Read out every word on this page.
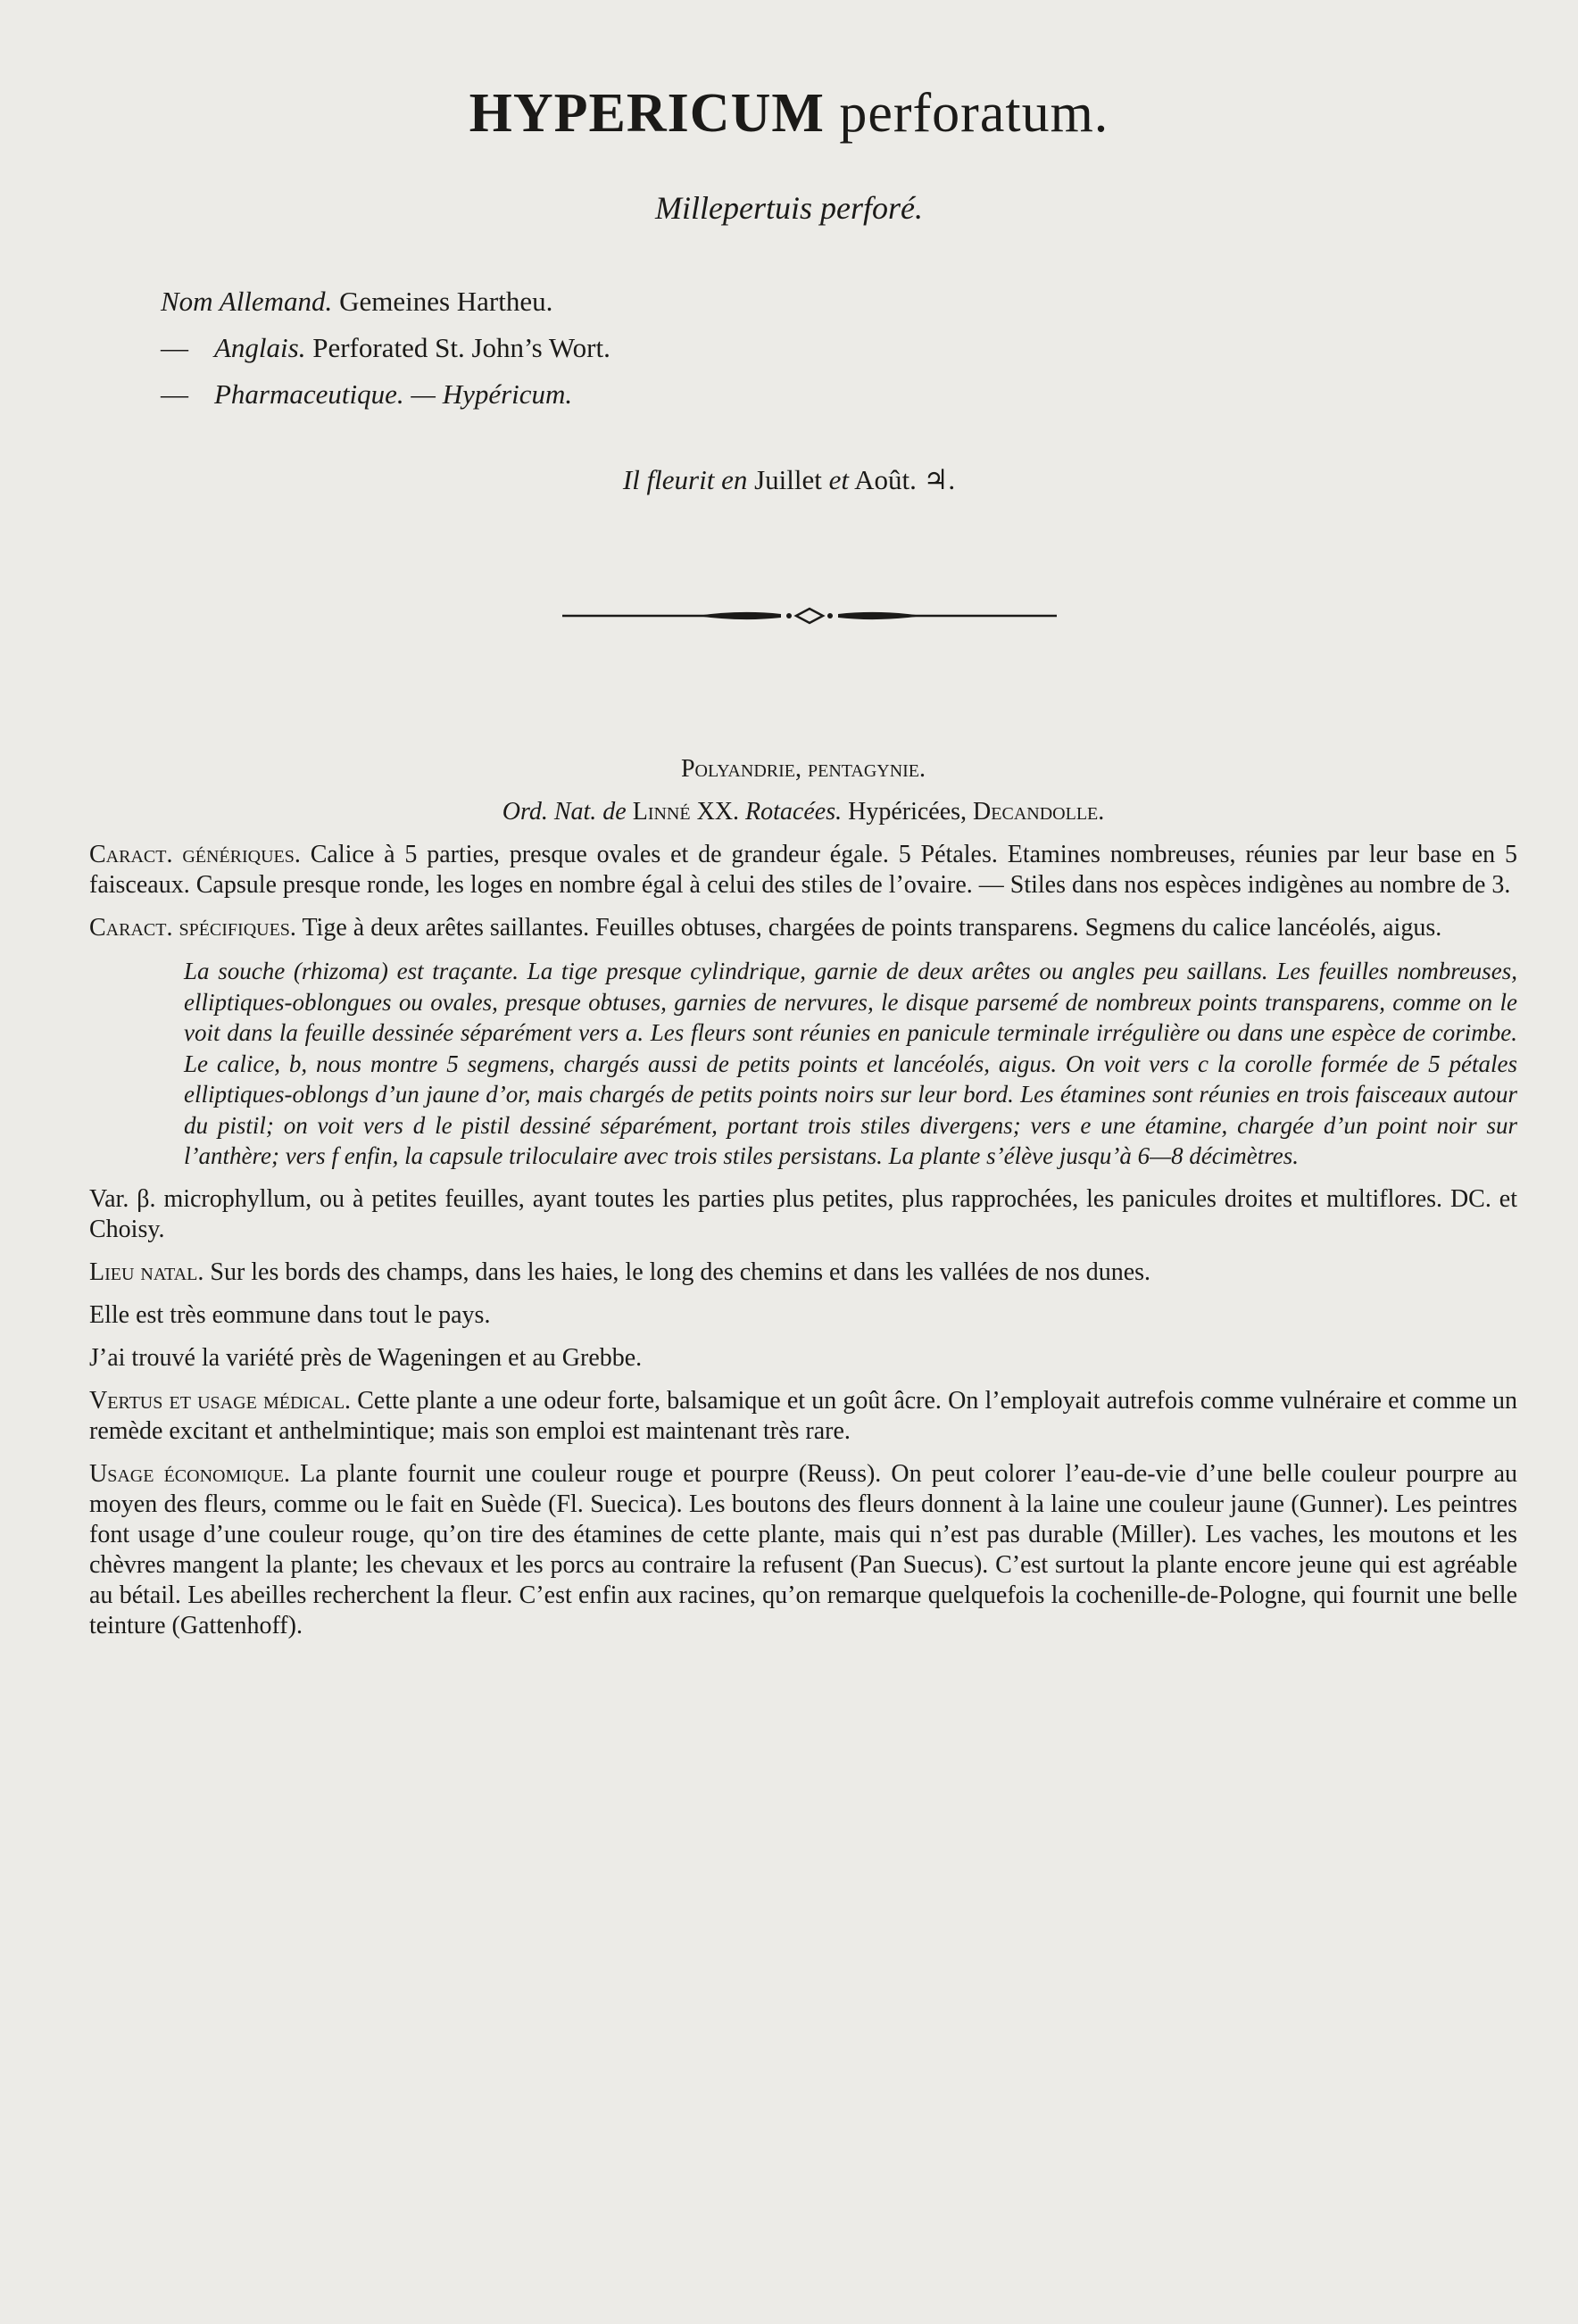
HYPERICUM perforatum.
Millepertuis perforé.
Nom Allemand. Gemeines Hartheu.
— Anglais. Perforated St. John’s Wort.
— Pharmaceutique. — Hypéricum.
Il fleurit en Juillet et Août. ♃.
Polyandrie, pentagynie.
Ord. Nat. de Linné XX. Rotacées. Hypéricées, Decandolle.

Caract. génériques. Calice à 5 parties, presque ovales et de grandeur égale. 5 Pétales. Etamines nombreuses, réunies par leur base en 5 faisceaux. Capsule presque ronde, les loges en nombre égal à celui des stiles de l’ovaire. — Stiles dans nos espèces indigènes au nombre de 3.

Caract. spécifiques. Tige à deux arêtes saillantes. Feuilles obtuses, chargées de points transparens. Segmens du calice lancéolés, aigus.

La souche (rhizoma) est traçante. La tige presque cylindrique, garnie de deux arêtes ou angles peu saillans. Les feuilles nombreuses, elliptiques-oblongues ou ovales, presque obtuses, garnies de nervures, le disque parsemé de nombreux points transparens, comme on le voit dans la feuille dessinée séparément vers a. Les fleurs sont réunies en panicule terminale irrégulière ou dans une espèce de corimbe. Le calice, b, nous montre 5 segmens, chargés aussi de petits points et lancéolés, aigus. On voit vers c la corolle formée de 5 pétales elliptiques-oblongs d’un jaune d’or, mais chargés de petits points noirs sur leur bord. Les étamines sont réunies en trois faisceaux autour du pistil; on voit vers d le pistil dessiné séparément, portant trois stiles divergens; vers e une étamine, chargée d’un point noir sur l’anthère; vers f enfin, la capsule triloculaire avec trois stiles persistans. La plante s’élève jusqu’à 6—8 décimètres.

Var. β. microphyllum, ou à petites feuilles, ayant toutes les parties plus petites, plus rapprochées, les panicules droites et multiflores. DC. et Choisy.

Lieu natal. Sur les bords des champs, dans les haies, le long des chemins et dans les vallées de nos dunes.

Elle est très eommune dans tout le pays.

J’ai trouvé la variété près de Wageningen et au Grebbe.

Vertus et usage médical. Cette plante a une odeur forte, balsamique et un goût âcre. On l’employait autrefois comme vulnéraire et comme un remède excitant et anthelmintique; mais son emploi est maintenant très rare.

Usage économique. La plante fournit une couleur rouge et pourpre (Reuss). On peut colorer l’eau-de-vie d’une belle couleur pourpre au moyen des fleurs, comme ou le fait en Suède (Fl. Suecica). Les boutons des fleurs donnent à la laine une couleur jaune (Gunner). Les peintres font usage d’une couleur rouge, qu’on tire des étamines de cette plante, mais qui n’est pas durable (Miller). Les vaches, les moutons et les chèvres mangent la plante; les chevaux et les porcs au contraire la refusent (Pan Suecus). C’est surtout la plante encore jeune qui est agréable au bétail. Les abeilles recherchent la fleur. C’est enfin aux racines, qu’on remarque quelquefois la cochenille-de-Pologne, qui fournit une belle teinture (Gattenhoff).
